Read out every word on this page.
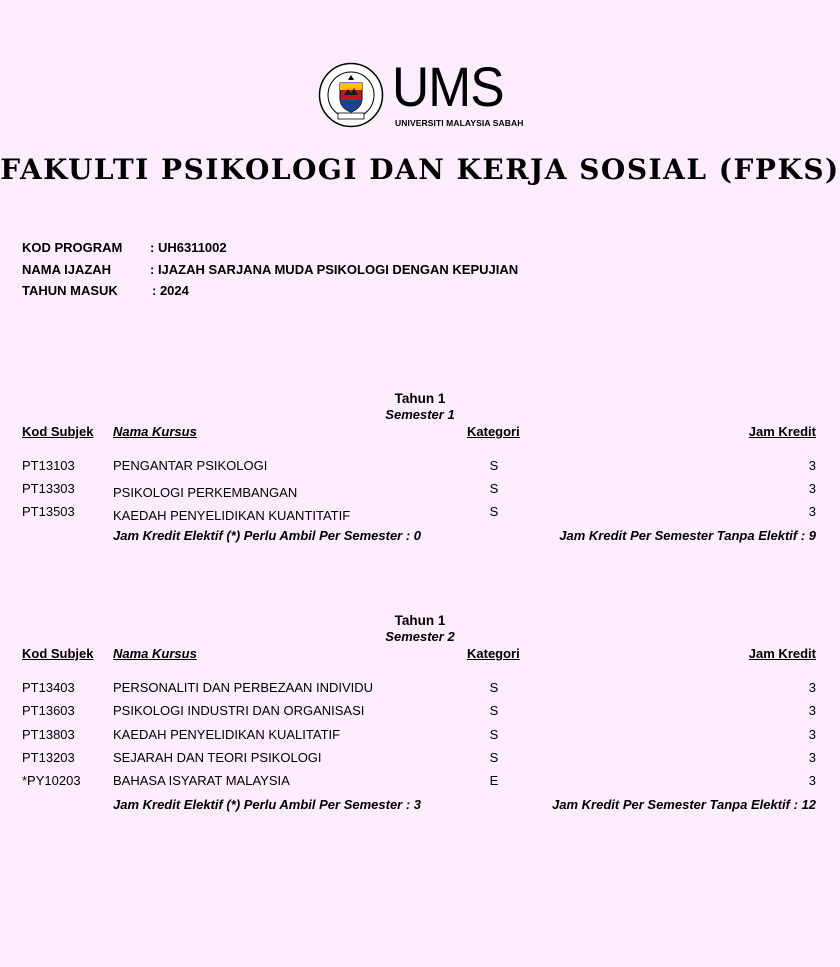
UMS
UNIVERSITI MALAYSIA SABAH
FAKULTI PSIKOLOGI DAN KERJA SOSIAL (FPKS)
KOD PROGRAM : UH6311002
NAMA IJAZAH	: IJAZAH SARJANA MUDA PSIKOLOGI DENGAN KEPUJIAN
TAHUN MASUK	: 2024
Tahun 1
Semester 1
Kod Subjek Nama Kursus	Kategori	Jam Kredit
PT13103	PENGANTAR PSIKOLOGI	S	3
PT13303	PSIKOLOGI PERKEMBANGAN	S	3
PT13503	KAEDAH PENYELIDIKAN KUANTITATIF	S	3
Jam Kredit Elektif (*) Perlu Ambil Per Semester : 0	Jam Kredit Per Semester Tanpa Elektif : 9
Tahun 1
Semester 2
Kod Subjek Nama Kursus	Kategori	Jam Kredit
PT13403	PERSONALITI DAN PERBEZAAN INDIVIDU	S	3
PT13603	PSIKOLOGI INDUSTRI DAN ORGANISASI	S	3
PT13803	KAEDAH PENYELIDIKAN KUALITATIF	S	3
PT13203	SEJARAH DAN TEORI PSIKOLOGI	S	3
*PY10203 BAHASA ISYARAT MALAYSIA	E	3
Jam Kredit Elektif (*) Perlu Ambil Per Semester : 3	Jam Kredit Per Semester Tanpa Elektif : 12
